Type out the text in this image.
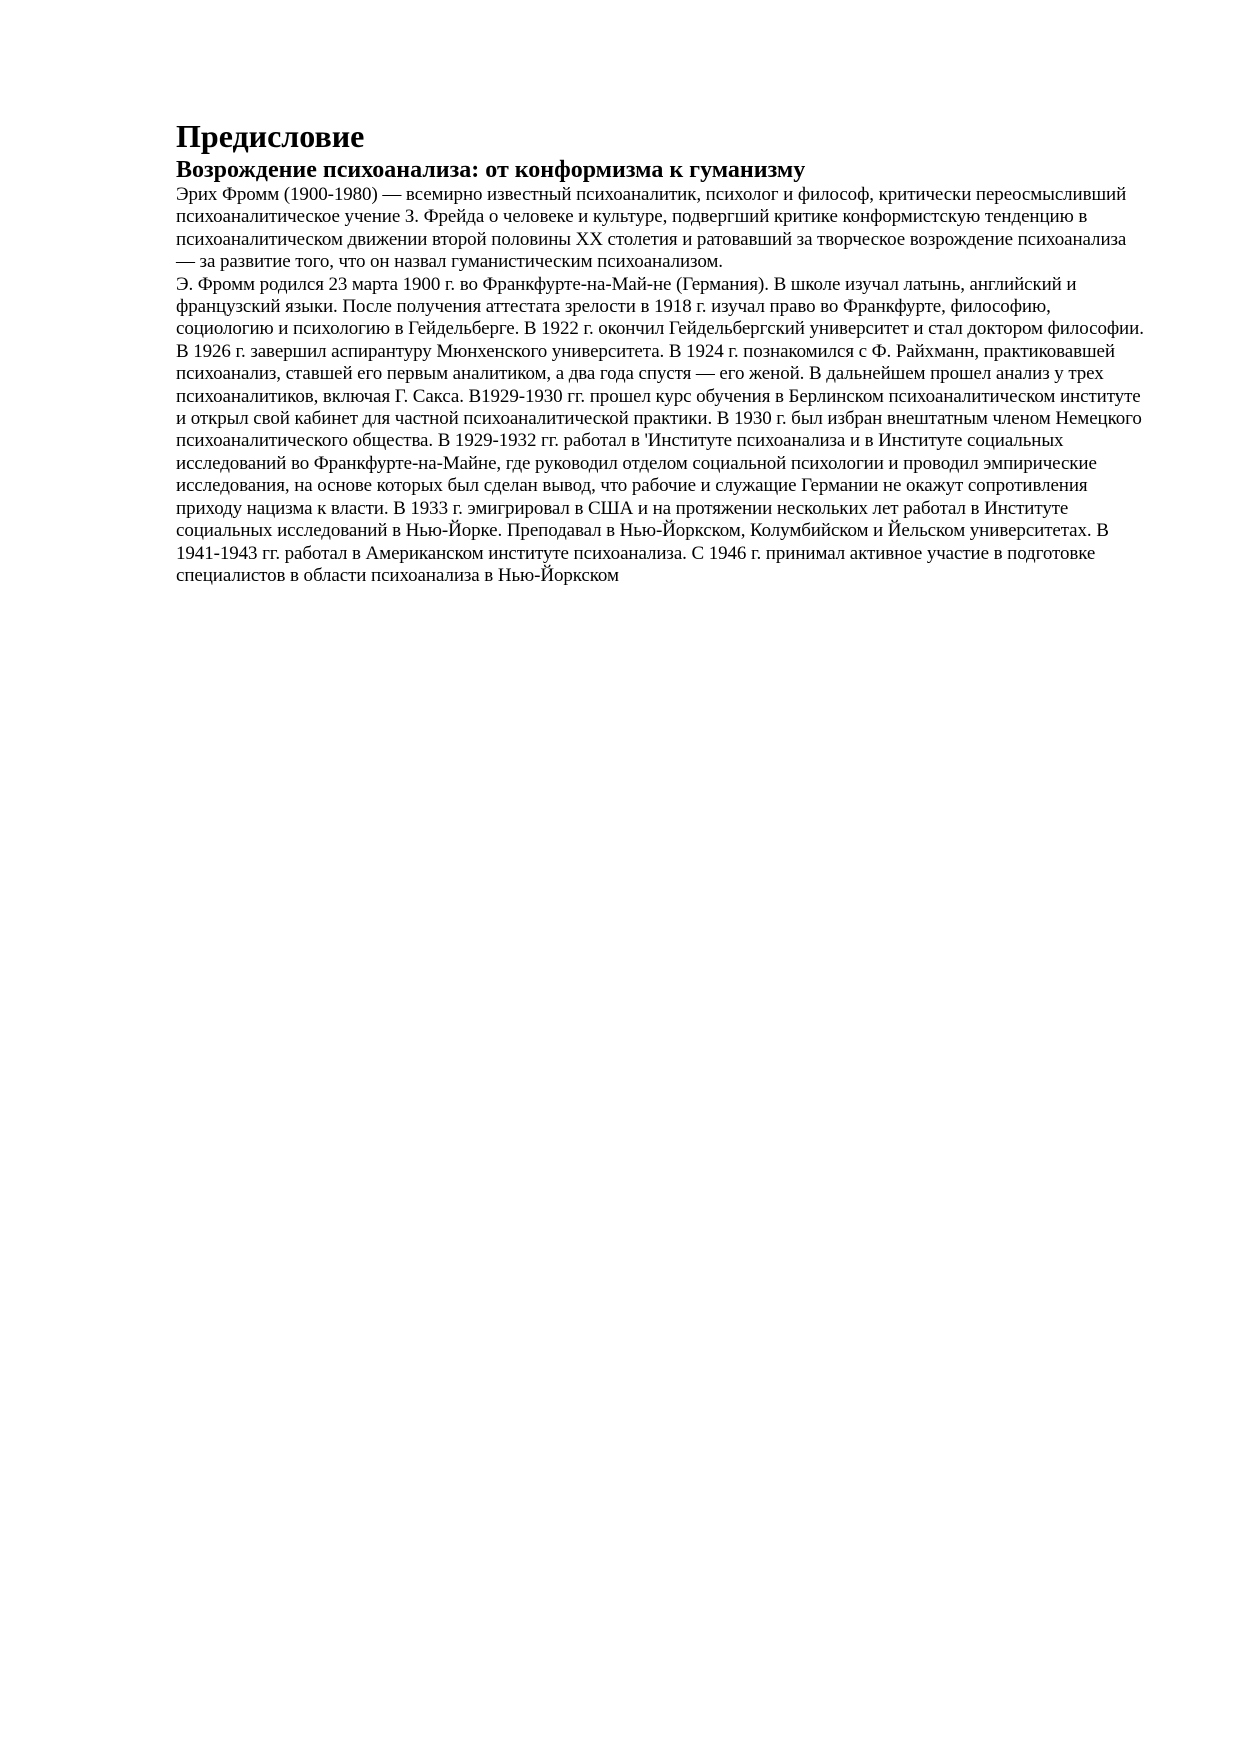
Предисловие
Возрождение психоанализа: от конформизма к гуманизму

Эрих Фромм (1900-1980) — всемирно известный психоаналитик, психолог и философ, критически переосмысливший психоаналитическое учение З. Фрейда о человеке и культуре, подвергший критике конформистскую тенденцию в психоаналитическом движении второй половины XX столетия и ратовавший за творческое возрождение психоанализа — за развитие того, что он назвал гуманистическим психоанализом.

Э. Фромм родился 23 марта 1900 г. во Франкфурте-на-Май-не (Германия). В школе изучал латынь, английский и французский языки. После получения аттестата зрелости в 1918 г. изучал право во Франкфурте, философию, социологию и психологию в Гейдельберге. В 1922 г. окончил Гейдельбергский университет и стал доктором философии. В 1926 г. завершил аспирантуру Мюнхенского университета. В 1924 г. познакомился с Ф. Райхманн, практиковавшей психоанализ, ставшей его первым аналитиком, а два года спустя — его женой. В дальнейшем прошел анализ у трех психоаналитиков, включая Г. Сакса. В1929-1930 гг. прошел курс обучения в Берлинском психоаналитическом институте и открыл свой кабинет для частной психоаналитической практики. В 1930 г. был избран внештатным членом Немецкого психоаналитического общества. В 1929-1932 гг. работал в 'Институте психоанализа и в Институте социальных исследований во Франкфурте-на-Майне, где руководил отделом социальной психологии и проводил эмпирические исследования, на основе которых был сделан вывод, что рабочие и служащие Германии не окажут сопротивления приходу нацизма к власти. В 1933 г. эмигрировал в США и на протяжении нескольких лет работал в Институте социальных исследований в Нью-Йорке. Преподавал в Нью-Йоркском, Колумбийском и Йельском университетах. В 1941-1943 гг. работал в Американском институте психоанализа. С 1946 г. принимал активное участие в подготовке специалистов в области психоанализа в Нью-Йоркском
